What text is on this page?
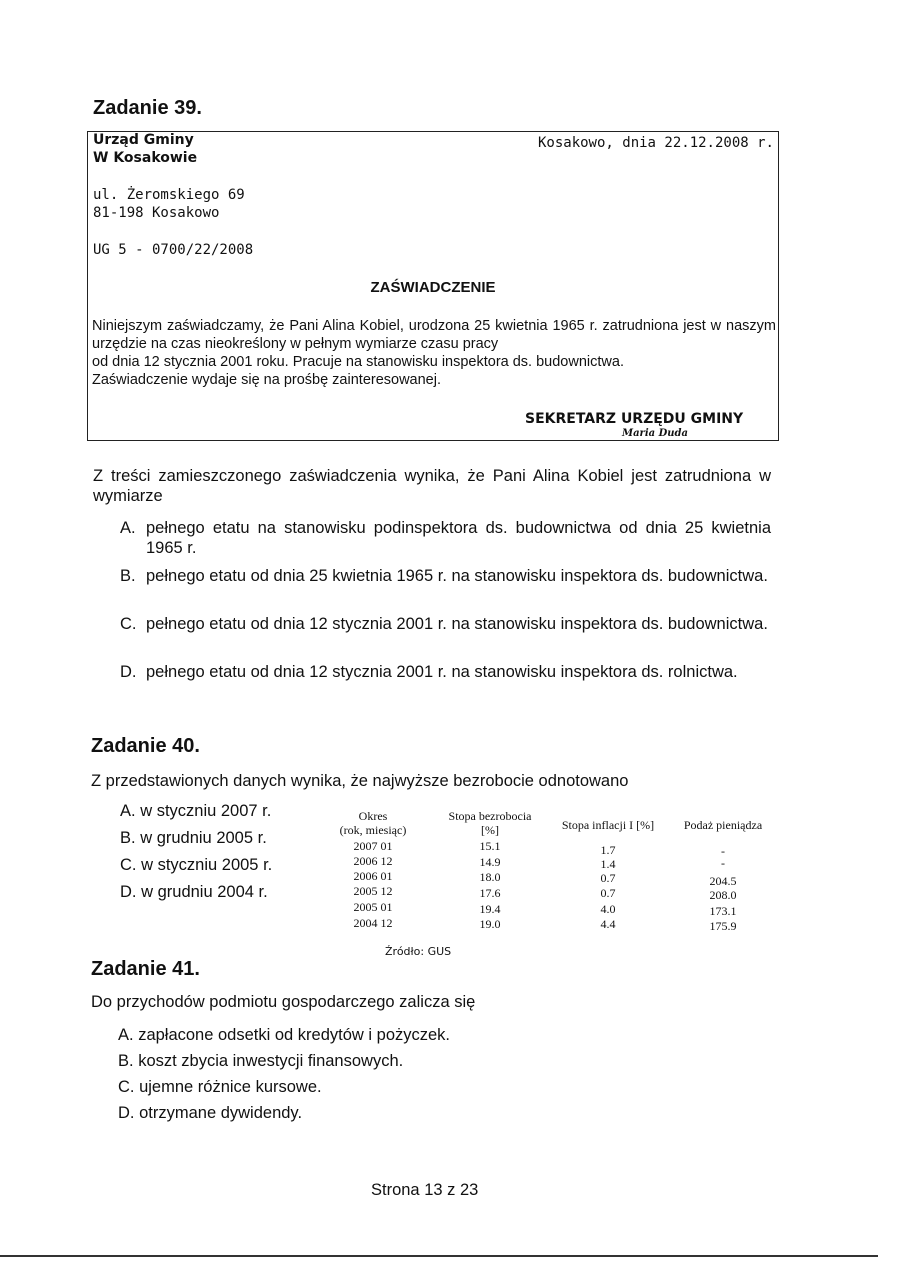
Zadanie 39.
Urząd Gminy
W Kosakowie
Kosakowo, dnia 22.12.2008 r.
ul. Żeromskiego 69
81-198 Kosakowo
UG 5 - 0700/22/2008
ZAŚWIADCZENIE
Niniejszym zaświadczamy, że Pani Alina Kobiel, urodzona 25 kwietnia 1965 r. zatrudniona jest w naszym urzędzie na czas nieokreślony w pełnym wymiarze czasu pracy
od dnia 12 stycznia 2001 roku. Pracuje na stanowisku inspektora ds. budownictwa.
Zaświadczenie wydaje się na prośbę zainteresowanej.
SEKRETARZ URZĘDU GMINY
Maria Duda
Z treści zamieszczonego zaświadczenia wynika, że Pani Alina Kobiel jest zatrudniona w wymiarze
A. pełnego etatu na stanowisku podinspektora ds. budownictwa od dnia 25 kwietnia 1965 r.
B. pełnego etatu od dnia 25 kwietnia 1965 r. na stanowisku inspektora ds. budownictwa.
C. pełnego etatu od dnia 12 stycznia 2001 r. na stanowisku inspektora ds. budownictwa.
D. pełnego etatu od dnia 12 stycznia 2001 r. na stanowisku inspektora ds. rolnictwa.
Zadanie 40.
Z przedstawionych danych wynika, że najwyższe bezrobocie odnotowano
A. w styczniu 2007 r.
B. w grudniu 2005 r.
C. w styczniu 2005 r.
D. w grudniu 2004 r.
Okres
(rok, miesiąc)
Stopa bezrobocia
[%]	Stopa inflacji I [%]	Podaż pieniądza
2007 01	15.1	1.7	-
2006 12	14.9	1.4	-
2006 01	18.0	0.7	204.5
2005 12	17.6	0.7	208.0
2005 01	19.4	4.0	173.1
2004 12	19.0	4.4	175.9
Źródło: GUS
Zadanie 41.
Do przychodów podmiotu gospodarczego zalicza się
A. zapłacone odsetki od kredytów i pożyczek.
B. koszt zbycia inwestycji finansowych.
C. ujemne różnice kursowe.
D. otrzymane dywidendy.
Strona 13 z 23
